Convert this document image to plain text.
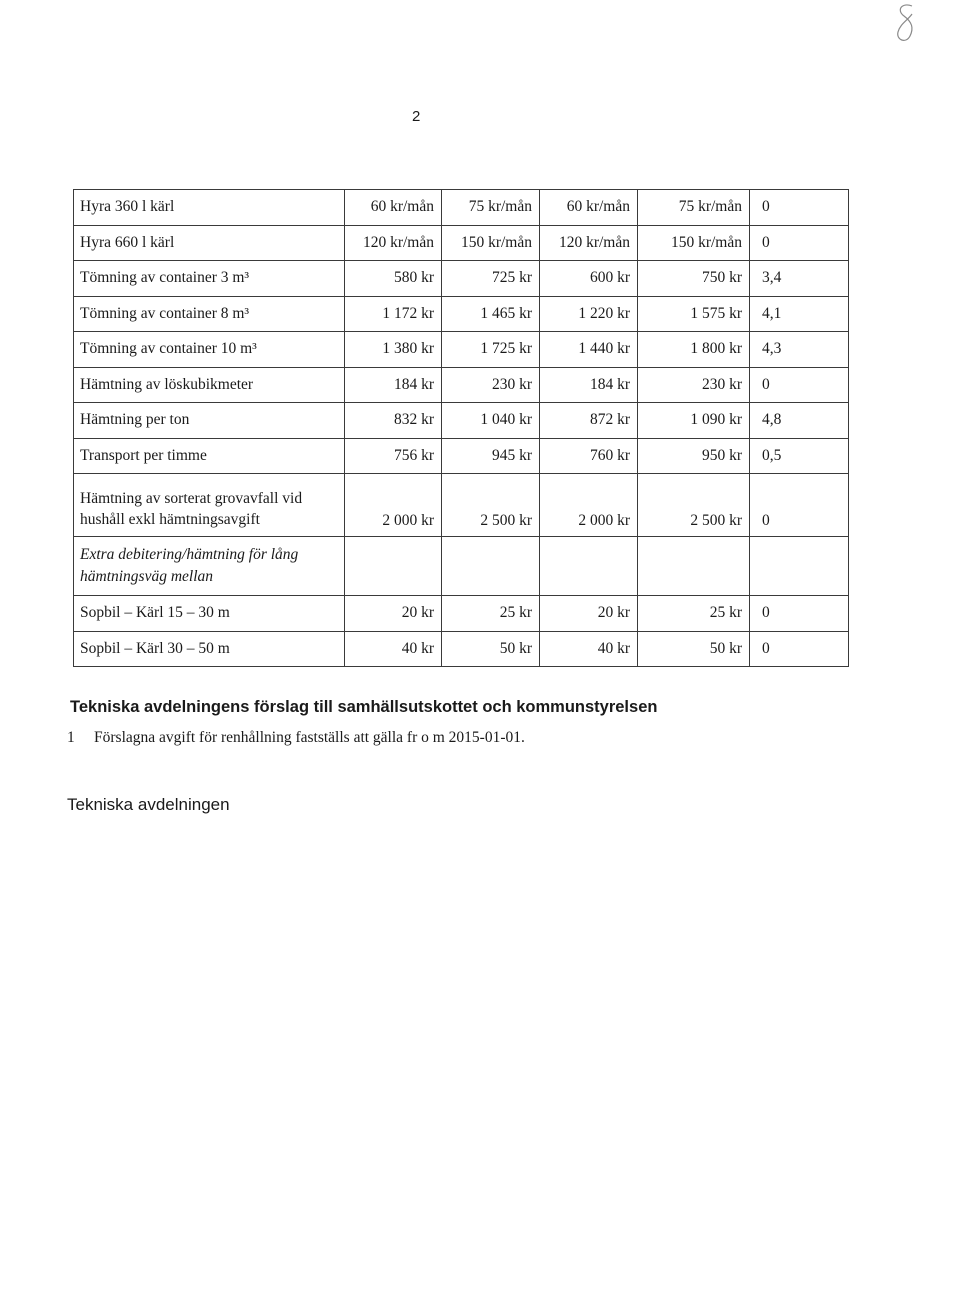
2
Hyra 360 l kärl	60 kr/mån	75 kr/mån	60 kr/mån	75 kr/mån	0
Hyra 660 l kärl	120 kr/mån	150 kr/mån	120 kr/mån	150 kr/mån	0
Tömning av container 3 m³	580 kr	725 kr	600 kr	750 kr	3,4
Tömning av container 8 m³	1 172 kr	1 465 kr	1 220 kr	1 575 kr	4,1
Tömning av container 10 m³	1 380 kr	1 725 kr	1 440 kr	1 800 kr	4,3
Hämtning av löskubikmeter	184 kr	230 kr	184 kr	230 kr	0
Hämtning per ton	832 kr	1 040 kr	872 kr	1 090 kr	4,8
Transport per timme	756 kr	945 kr	760 kr	950 kr	0,5
Hämtning av sorterat grovavfall vid hushåll exkl hämtningsavgift	2 000 kr	2 500 kr	2 000 kr	2 500 kr	0
Extra debitering/hämtning för lång hämtningsväg mellan					
Sopbil – Kärl 15 – 30 m	20 kr	25 kr	20 kr	25 kr	0
Sopbil – Kärl 30 – 50 m	40 kr	50 kr	40 kr	50 kr	0
Tekniska avdelningens förslag till samhällsutskottet och kommunstyrelsen
1 Förslagna avgift för renhållning fastställs att gälla fr o m 2015-01-01.
Tekniska avdelningen
